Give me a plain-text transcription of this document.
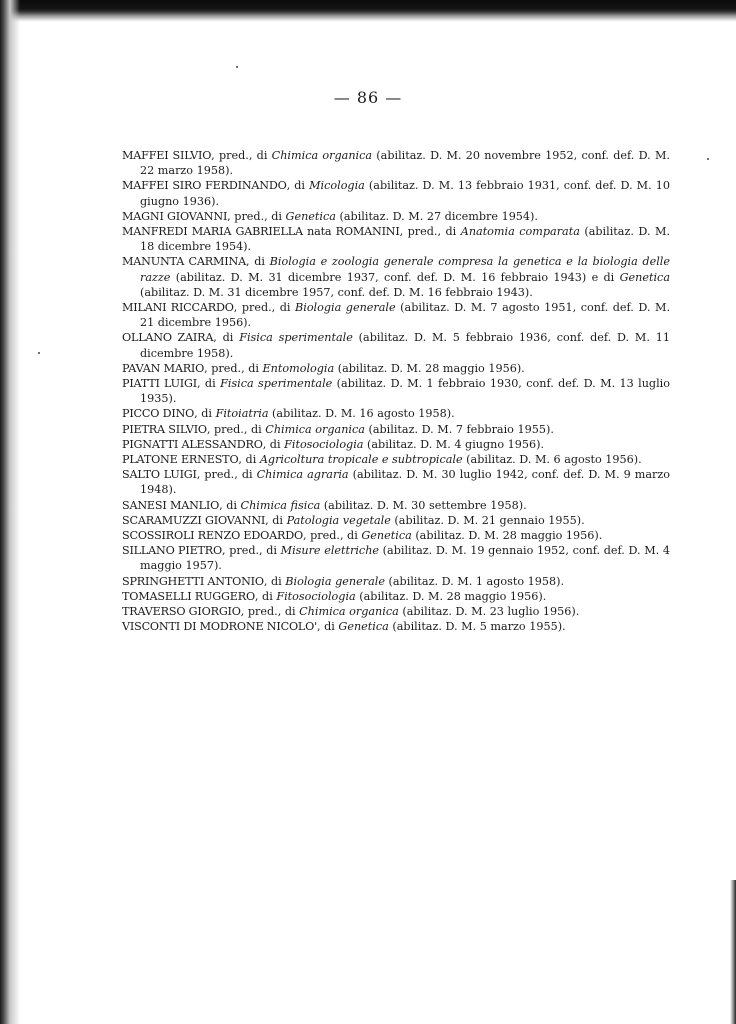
— 86 —
MAFFEI SILVIO, pred., di Chimica organica (abilitaz. D. M. 20 novembre 1952, conf. def. D. M. 22 marzo 1958).
MAFFEI SIRO FERDINANDO, di Micologia (abilitaz. D. M. 13 febbraio 1931, conf. def. D. M. 10 giugno 1936).
MAGNI GIOVANNI, pred., di Genetica (abilitaz. D. M. 27 dicembre 1954).
MANFREDI MARIA GABRIELLA nata ROMANINI, pred., di Anatomia comparata (abilitaz. D. M. 18 dicembre 1954).
MANUNTA CARMINA, di Biologia e zoologia generale compresa la genetica e la biologia delle razze (abilitaz. D. M. 31 dicembre 1937, conf. def. D. M. 16 febbraio 1943) e di Genetica (abilitaz. D. M. 31 dicembre 1957, conf. def. D. M. 16 febbraio 1943).
MILANI RICCARDO, pred., di Biologia generale (abilitaz. D. M. 7 agosto 1951, conf. def. D. M. 21 dicembre 1956).
OLLANO ZAIRA, di Fisica sperimentale (abilitaz. D. M. 5 febbraio 1936, conf. def. D. M. 11 dicembre 1958).
PAVAN MARIO, pred., di Entomologia (abilitaz. D. M. 28 maggio 1956).
PIATTI LUIGI, di Fisica sperimentale (abilitaz. D. M. 1 febbraio 1930, conf. def. D. M. 13 luglio 1935).
PICCO DINO, di Fitoiatria (abilitaz. D. M. 16 agosto 1958).
PIETRA SILVIO, pred., di Chimica organica (abilitaz. D. M. 7 febbraio 1955).
PIGNATTI ALESSANDRO, di Fitosociologia (abilitaz. D. M. 4 giugno 1956).
PLATONE ERNESTO, di Agricoltura tropicale e subtropicale (abilitaz. D. M. 6 agosto 1956).
SALTO LUIGI, pred., di Chimica agraria (abilitaz. D. M. 30 luglio 1942, conf. def. D. M. 9 marzo 1948).
SANESI MANLIO, di Chimica fisica (abilitaz. D. M. 30 settembre 1958).
SCARAMUZZI GIOVANNI, di Patologia vegetale (abilitaz. D. M. 21 gennaio 1955).
SCOSSIROLI RENZO EDOARDO, pred., di Genetica (abilitaz. D. M. 28 maggio 1956).
SILLANO PIETRO, pred., di Misure elettriche (abilitaz. D. M. 19 gennaio 1952, conf. def. D. M. 4 maggio 1957).
SPRINGHETTI ANTONIO, di Biologia generale (abilitaz. D. M. 1 agosto 1958).
TOMASELLI RUGGERO, di Fitosociologia (abilitaz. D. M. 28 maggio 1956).
TRAVERSO GIORGIO, pred., di Chimica organica (abilitaz. D. M. 23 luglio 1956).
VISCONTI DI MODRONE NICOLO', di Genetica (abilitaz. D. M. 5 marzo 1955).
